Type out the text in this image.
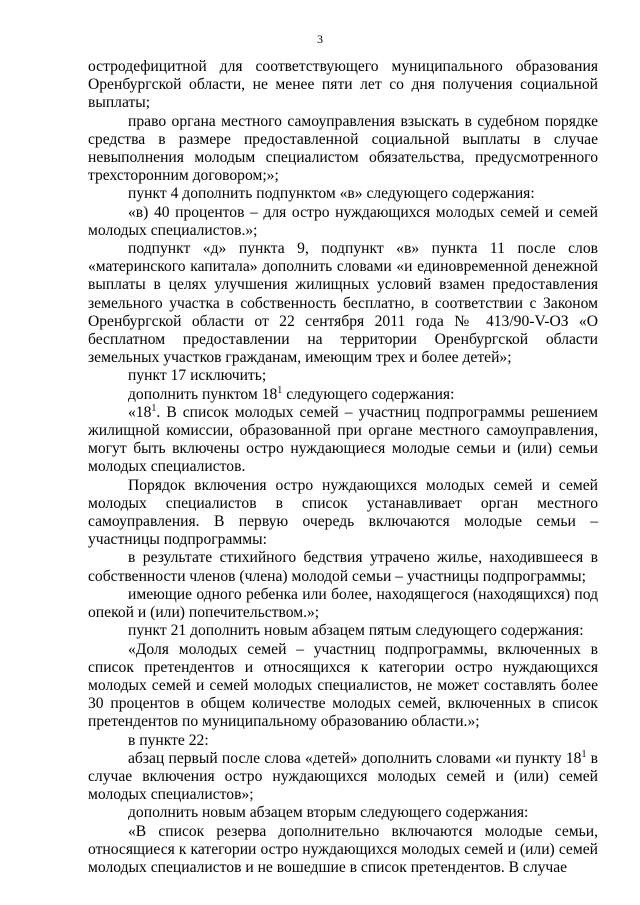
3

остродефицитной для соответствующего муниципального образования Оренбургской области, не менее пяти лет со дня получения социальной выплаты;

право органа местного самоуправления взыскать в судебном порядке средства в размере предоставленной социальной выплаты в случае невыполнения молодым специалистом обязательства, предусмотренного трехсторонним договором;»;

пункт 4 дополнить подпунктом «в» следующего содержания:

«в) 40 процентов – для остро нуждающихся молодых семей и семей молодых специалистов.»;

подпункт «д» пункта 9, подпункт «в» пункта 11 после слов «материнского капитала» дополнить словами «и единовременной денежной выплаты в целях улучшения жилищных условий взамен предоставления земельного участка в собственность бесплатно, в соответствии с Законом Оренбургской области от 22 сентября 2011 года № 413/90-V-ОЗ «О бесплатном предоставлении на территории Оренбургской области земельных участков гражданам, имеющим трех и более детей»;

пункт 17 исключить;

дополнить пунктом $18^1$ следующего содержания:

«$18^1$. В список молодых семей – участниц подпрограммы решением жилищной комиссии, образованной при органе местного самоуправления, могут быть включены остро нуждающиеся молодые семьи и (или) семьи молодых специалистов.

Порядок включения остро нуждающихся молодых семей и семей молодых специалистов в список устанавливает орган местного самоуправления. В первую очередь включаются молодые семьи – участницы подпрограммы:

в результате стихийного бедствия утрачено жилье, находившееся в собственности членов (члена) молодой семьи – участницы подпрограммы;

имеющие одного ребенка или более, находящегося (находящихся) под опекой и (или) попечительством.»;

пункт 21 дополнить новым абзацем пятым следующего содержания:

«Доля молодых семей – участниц подпрограммы, включенных в список претендентов и относящихся к категории остро нуждающихся молодых семей и семей молодых специалистов, не может составлять более 30 процентов в общем количестве молодых семей, включенных в список претендентов по муниципальному образованию области.»;

в пункте 22:

абзац первый после слова «детей» дополнить словами «и пункту $18^1$ в случае включения остро нуждающихся молодых семей и (или) семей молодых специалистов»;

дополнить новым абзацем вторым следующего содержания:

«В список резерва дополнительно включаются молодые семьи, относящиеся к категории остро нуждающихся молодых семей и (или) семей молодых специалистов и не вошедшие в список претендентов. В случае
